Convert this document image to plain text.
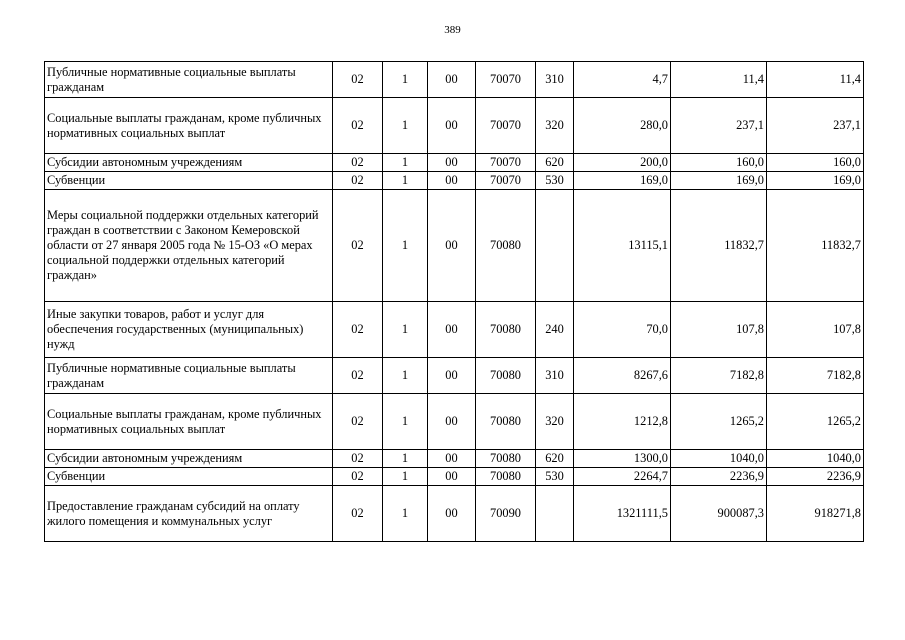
389
Публичные нормативные социальные выплаты гражданам	02	1	00	70070	310	4,7	11,4	11,4
Социальные выплаты гражданам, кроме публичных нормативных социальных выплат	02	1	00	70070	320	280,0	237,1	237,1
Субсидии автономным учреждениям	02	1	00	70070	620	200,0	160,0	160,0
Субвенции	02	1	00	70070	530	169,0	169,0	169,0
Меры социальной поддержки отдельных категорий граждан в соответствии с Законом Кемеровской области от 27 января 2005 года № 15-ОЗ «О мерах социальной поддержки отдельных категорий граждан»	02	1	00	70080		13115,1	11832,7	11832,7
Иные закупки товаров, работ и услуг для обеспечения государственных (муниципальных) нужд	02	1	00	70080	240	70,0	107,8	107,8
Публичные нормативные социальные выплаты гражданам	02	1	00	70080	310	8267,6	7182,8	7182,8
Социальные выплаты гражданам, кроме публичных нормативных социальных выплат	02	1	00	70080	320	1212,8	1265,2	1265,2
Субсидии автономным учреждениям	02	1	00	70080	620	1300,0	1040,0	1040,0
Субвенции	02	1	00	70080	530	2264,7	2236,9	2236,9
Предоставление гражданам субсидий на оплату жилого помещения и коммунальных услуг	02	1	00	70090		1321111,5	900087,3	918271,8
